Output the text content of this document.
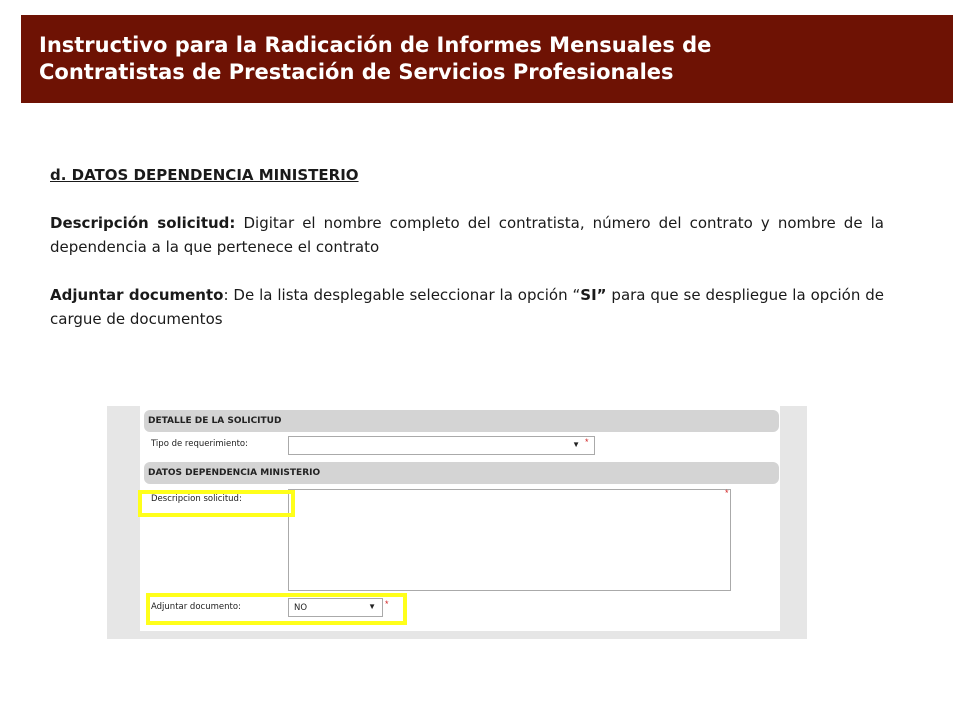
Instructivo para la Radicación de Informes Mensuales de
Contratistas de Prestación de Servicios Profesionales
d. DATOS DEPENDENCIA MINISTERIO

Descripción solicitud: Digitar el nombre completo del contratista, número del contrato y nombre de la dependencia a la que pertenece el contrato

Adjuntar documento: De la lista desplegable seleccionar la opción “SI” para que se despliegue la opción de cargue de documentos

DETALLE DE LA SOLICITUD
Tipo de requerimiento:	▼ *
DATOS DEPENDENCIA MINISTERIO
Descripcion solicitud:
*
Adjuntar documento:	NO	▼ *
